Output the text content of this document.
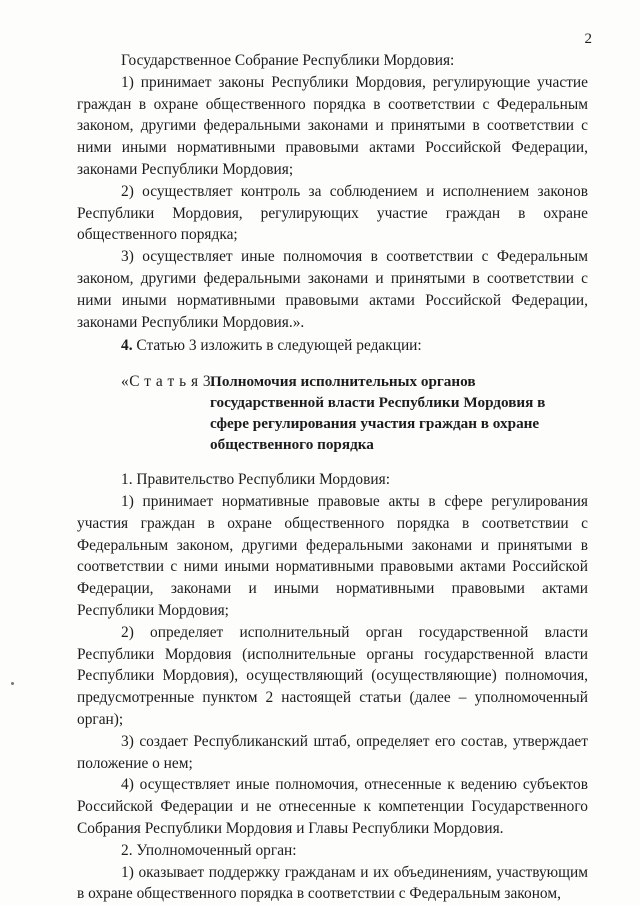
2

Государственное Собрание Республики Мордовия:

1) принимает законы Республики Мордовия, регулирующие участие граждан в охране общественного порядка в соответствии с Федеральным законом, другими федеральными законами и принятыми в соответствии с ними иными нормативными правовыми актами Российской Федерации, законами Республики Мордовия;

2) осуществляет контроль за соблюдением и исполнением законов Республики Мордовия, регулирующих участие граждан в охране общественного порядка;

3) осуществляет иные полномочия в соответствии с Федеральным законом, другими федеральными законами и принятыми в соответствии с ними иными нормативными правовыми актами Российской Федерации, законами Республики Мордовия.».

4. Статью 3 изложить в следующей редакции:

«С т а т ь я 3.
Полномочия исполнительных органов
государственной власти Республики Мордовия в
сфере регулирования участия граждан в охране
общественного порядка

1. Правительство Республики Мордовия:

1) принимает нормативные правовые акты в сфере регулирования участия граждан в охране общественного порядка в соответствии с Федеральным законом, другими федеральными законами и принятыми в соответствии с ними иными нормативными правовыми актами Российской Федерации, законами и иными нормативными правовыми актами Республики Мордовия;

2) определяет исполнительный орган государственной власти Республики Мордовия (исполнительные органы государственной власти Республики Мордовия), осуществляющий (осуществляющие) полномочия, предусмотренные пунктом 2 настоящей статьи (далее – уполномоченный орган);

3) создает Республиканский штаб, определяет его состав, утверждает положение о нем;

4) осуществляет иные полномочия, отнесенные к ведению субъектов Российской Федерации и не отнесенные к компетенции Государственного Собрания Республики Мордовия и Главы Республики Мордовия.

2. Уполномоченный орган:

1) оказывает поддержку гражданам и их объединениям, участвующим в охране общественного порядка в соответствии с Федеральным законом,
